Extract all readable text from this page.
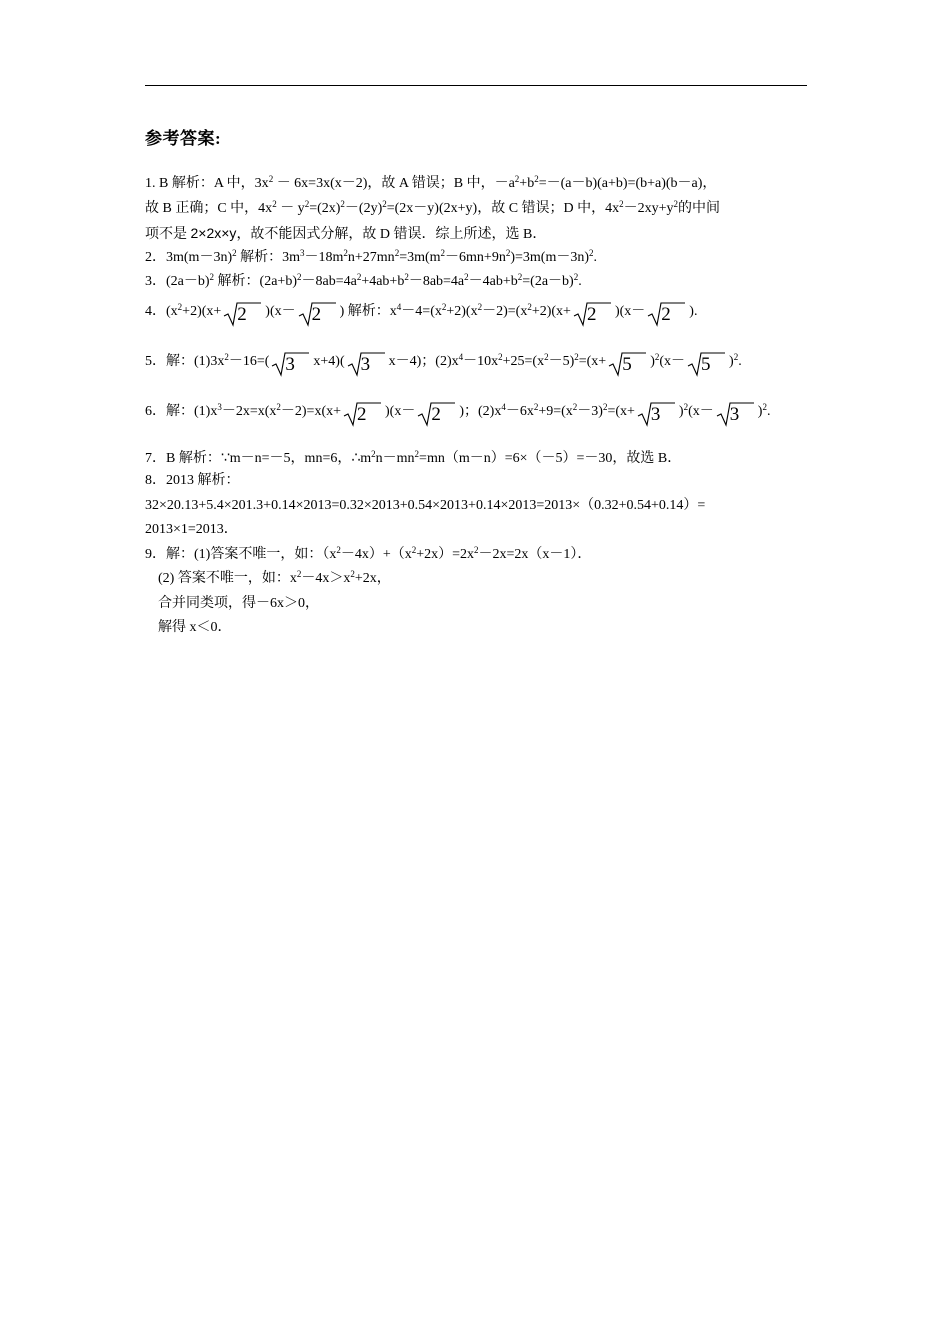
参考答案:
1. B 解析：A 中，$3x^2 - 6x=3x(x-2)$，故 A 错误；B 中，$-a^2+b^2=-(a-b)(a+b)=(b+a)(b-a)$，
故 B 正确；C 中，$4x^2 - y^2=(2x)^2-(2y)^2=(2x-y)(2x+y)$，故 C 错误；D 中，$4x^2-2xy+y^2$的中间
项不是 2×2x×y，故不能因式分解，故 D 错误．综上所述，选 B．
2．$3m(m-3n)^2$ 解析：$3m^3-18m^2n+27mn^2=3m(m^2-6mn+9n^2)=3m(m-3n)^2$.
3．$(2a-b)^2$ 解析：$(2a+b)^2-8ab=4a^2+4ab+b^2-8ab=4a^2-4ab+b^2=(2a-b)^2$.
4．$(x^2+2)(x+ 2$ )(x－ 2 ) 解析：$x^4-4=(x^2+2)(x^2-2)=(x^2+2)(x+ 2$ )(x－ 2 ).
5．解：$(1)3x^2-16=$( 3 x+4)( 3 x－4)；$(2)x^4-10x^2+25=(x^2-5)^2=(x+ 5$ )$^2$(x－ 5 )$^2$.
6．解：$(1)x^3-2x=x(x^2-2)=x(x+ 2$ )(x－ 2 )；$(2)x^4-6x^2+9=(x^2-3)^2=(x+ 3$ )$^2$(x－ 3 )$^2$.
7．B 解析：∵m－n=－5，mn=6，$\therefore m^2n-mn^2=mn(m-n)=6\times(-5)=-30$，故选 B．
8．2013 解析：
32×20.13+5.4×201.3+0.14×2013=0.32×2013+0.54×2013+0.14×2013=2013×（0.32+0.54+0.14）=
2013×1=2013．
9．解：(1)答案不唯一，如：$(x^2-4x)+(x^2+2x)=2x^2-2x=2x(x-1)$．
(2) 答案不唯一，如：$x^2-4x>x^2+2x$，
合并同类项，得－6x＞0，
解得 x＜0．
